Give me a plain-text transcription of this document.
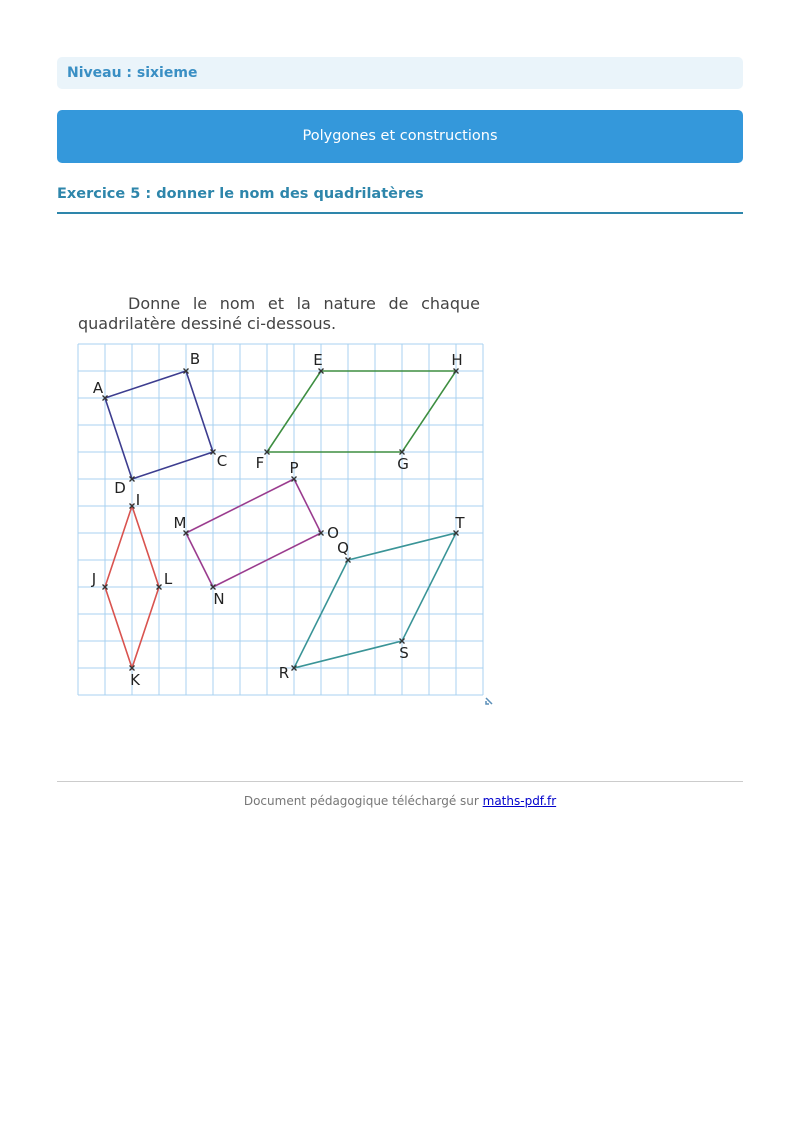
Niveau : sixieme
Polygones et constructions
Exercice 5 : donner le nom des quadrilatères

Donne le nom et la nature de chaque quadrilatère dessiné ci-dessous.

A
B
C
D
E
F	G
H
I
J
K
L
M
N
O
P
Q
R
S
T
Document pédagogique téléchargé sur maths-pdf.fr
